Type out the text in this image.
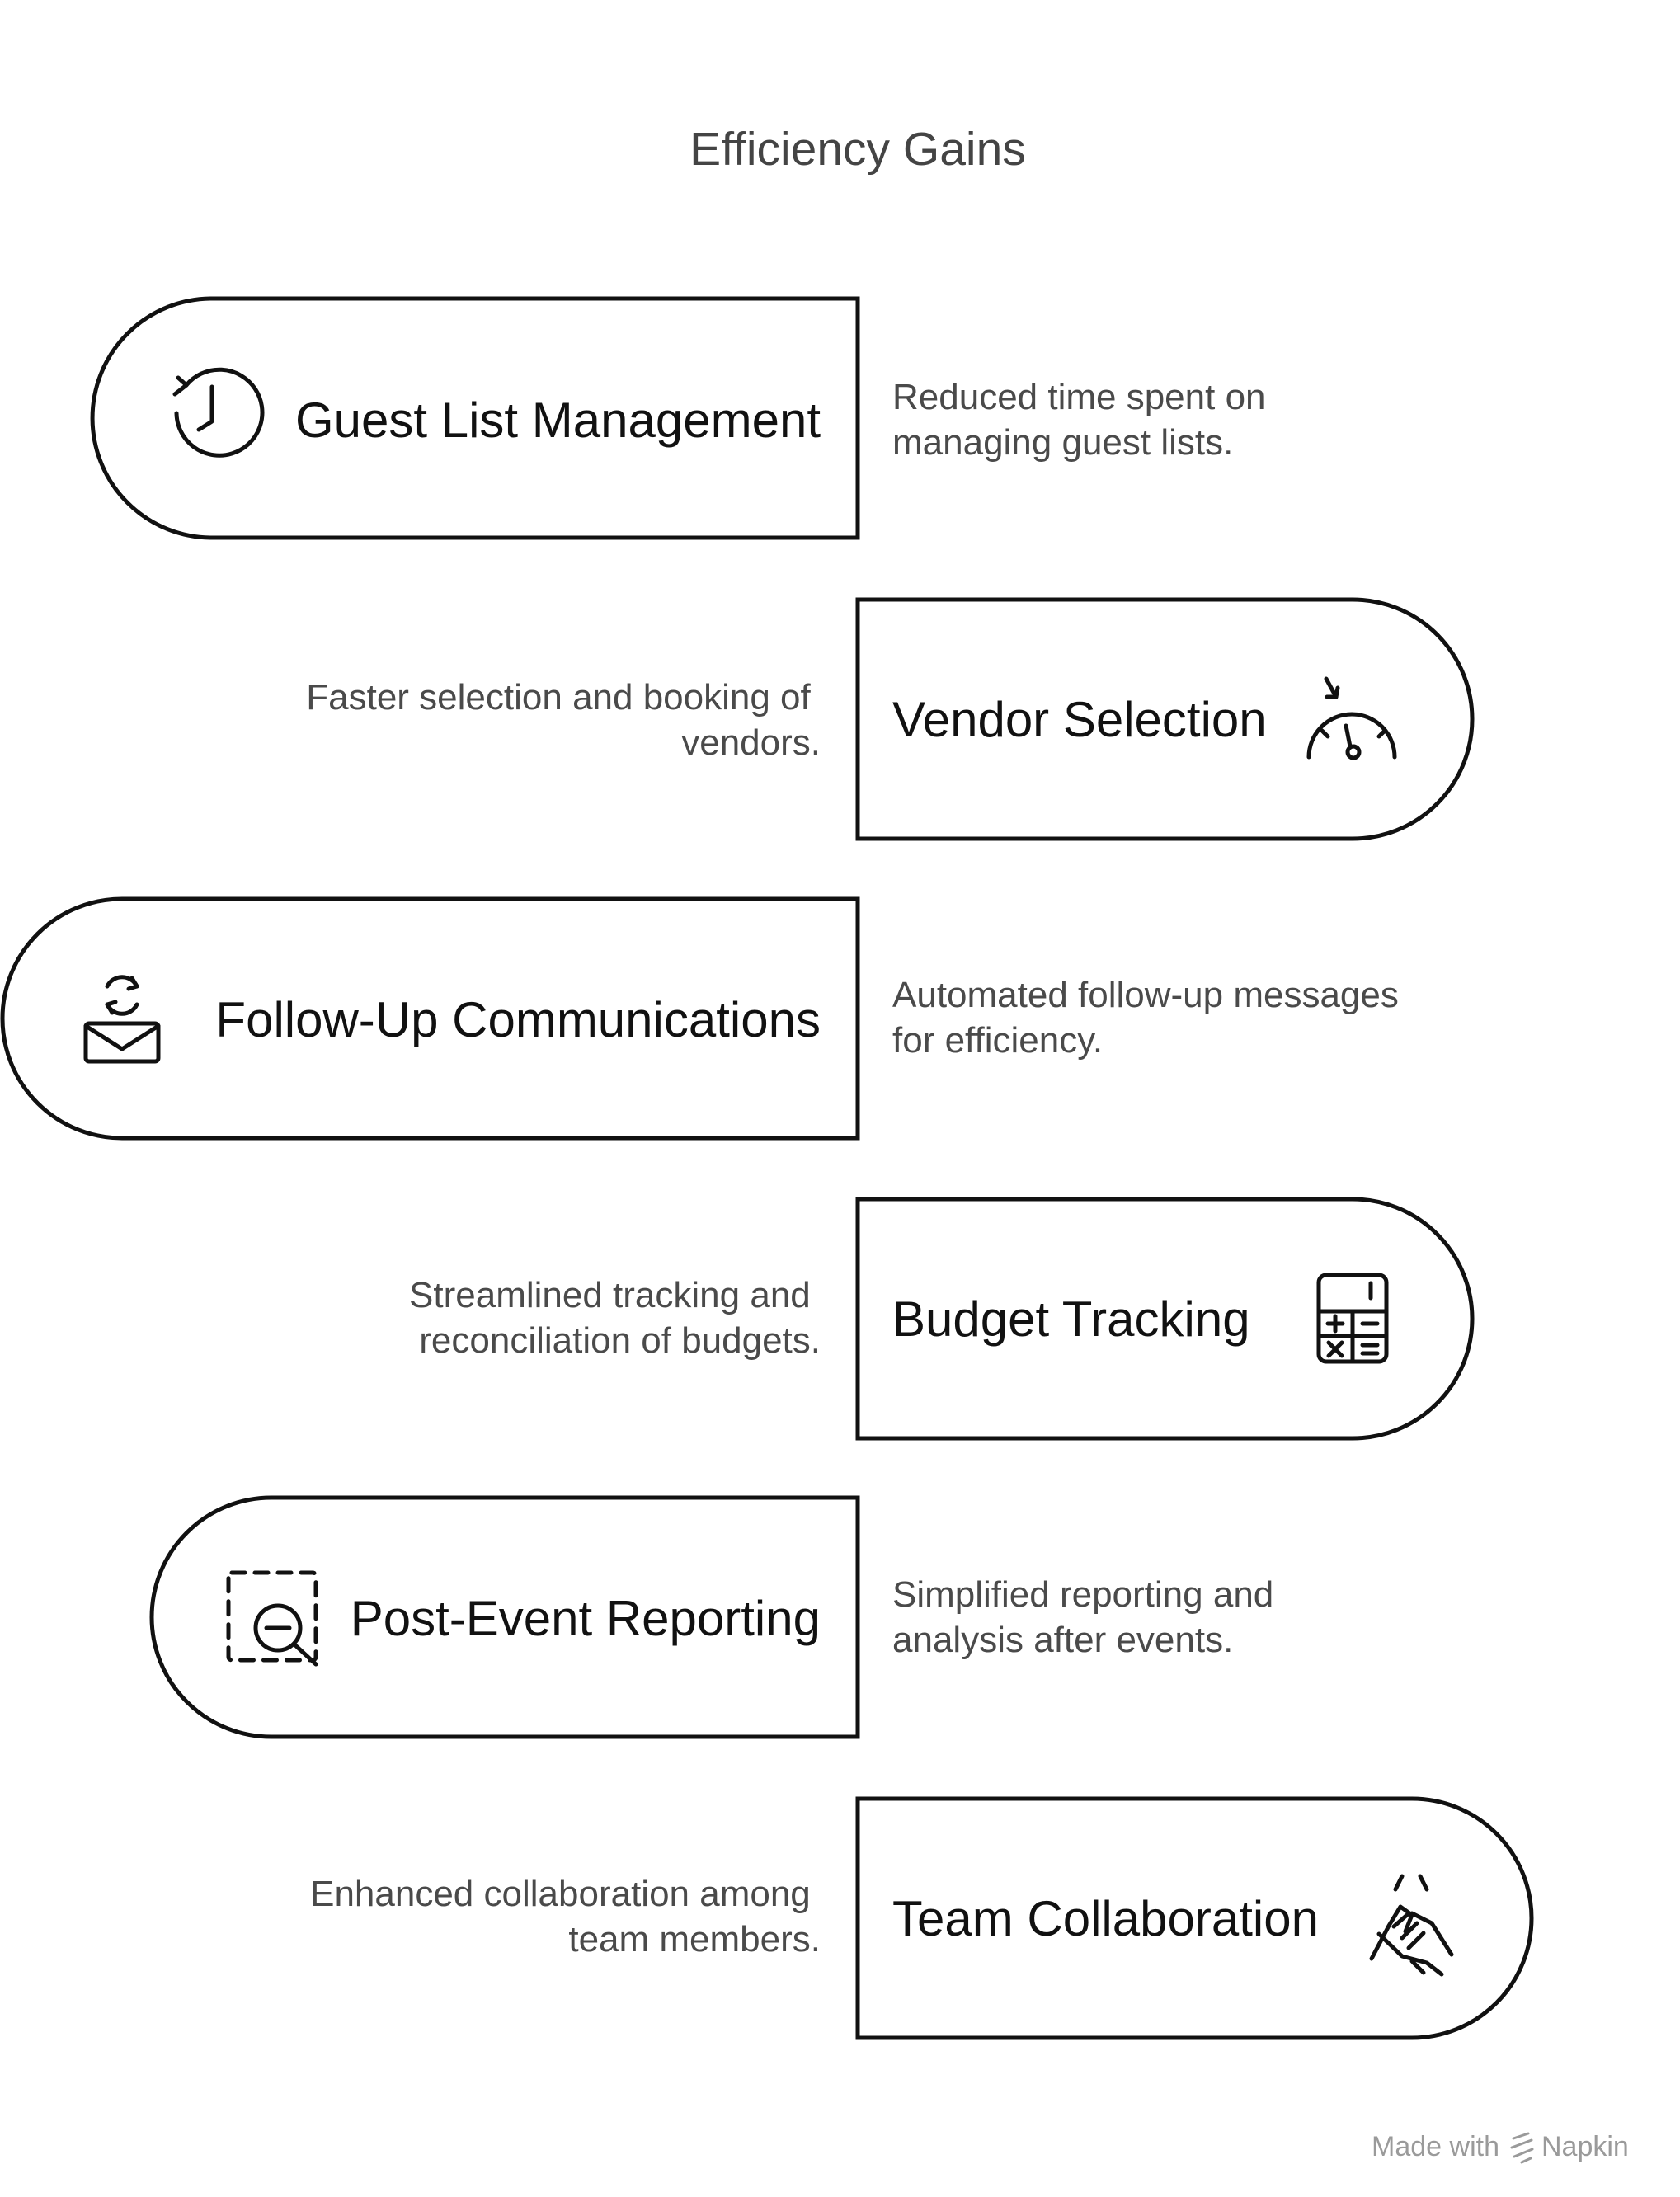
Efficiency Gains
Guest List Management Reduced time spent on managing guest lists.
Vendor Selection
Faster selection and booking of vendors.
Follow-Up Communications Automated follow-up messages for efficiency.
Budget Tracking
Streamlined tracking and reconciliation of budgets.
Post-Event Reporting Simplified reporting and analysis after events.
Team Collaboration
Enhanced collaboration among team members.
Made with Napkin
